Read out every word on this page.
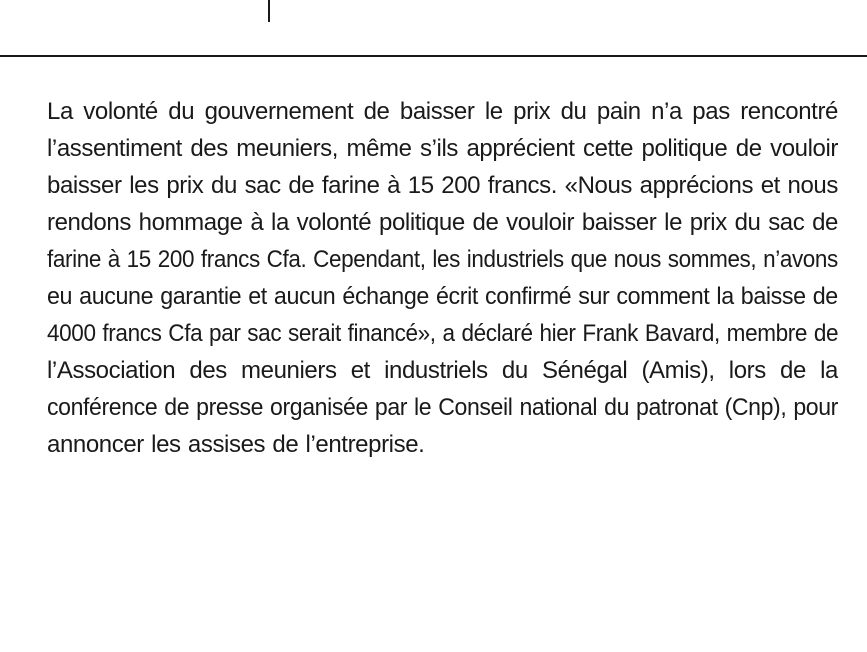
La volonté du gouvernement de baisser le prix du pain n’a pas rencontré
l’assentiment des meuniers, même s’ils apprécient cette politique de vouloir
baisser les prix du sac de farine à 15 200 francs. «Nous apprécions et nous
rendons hommage à la volonté politique de vouloir baisser le prix du sac de
farine à 15 200 francs Cfa. Cependant, les industriels que nous sommes, n’avons
eu aucune garantie et aucun échange écrit confirmé sur comment la baisse de
4000 francs Cfa par sac serait financé», a déclaré hier Frank Bavard, membre de
l’Association des meuniers et industriels du Sénégal (Amis), lors de la
conférence de presse organisée par le Conseil national du patronat (Cnp), pour
annoncer les assises de l’entreprise.
